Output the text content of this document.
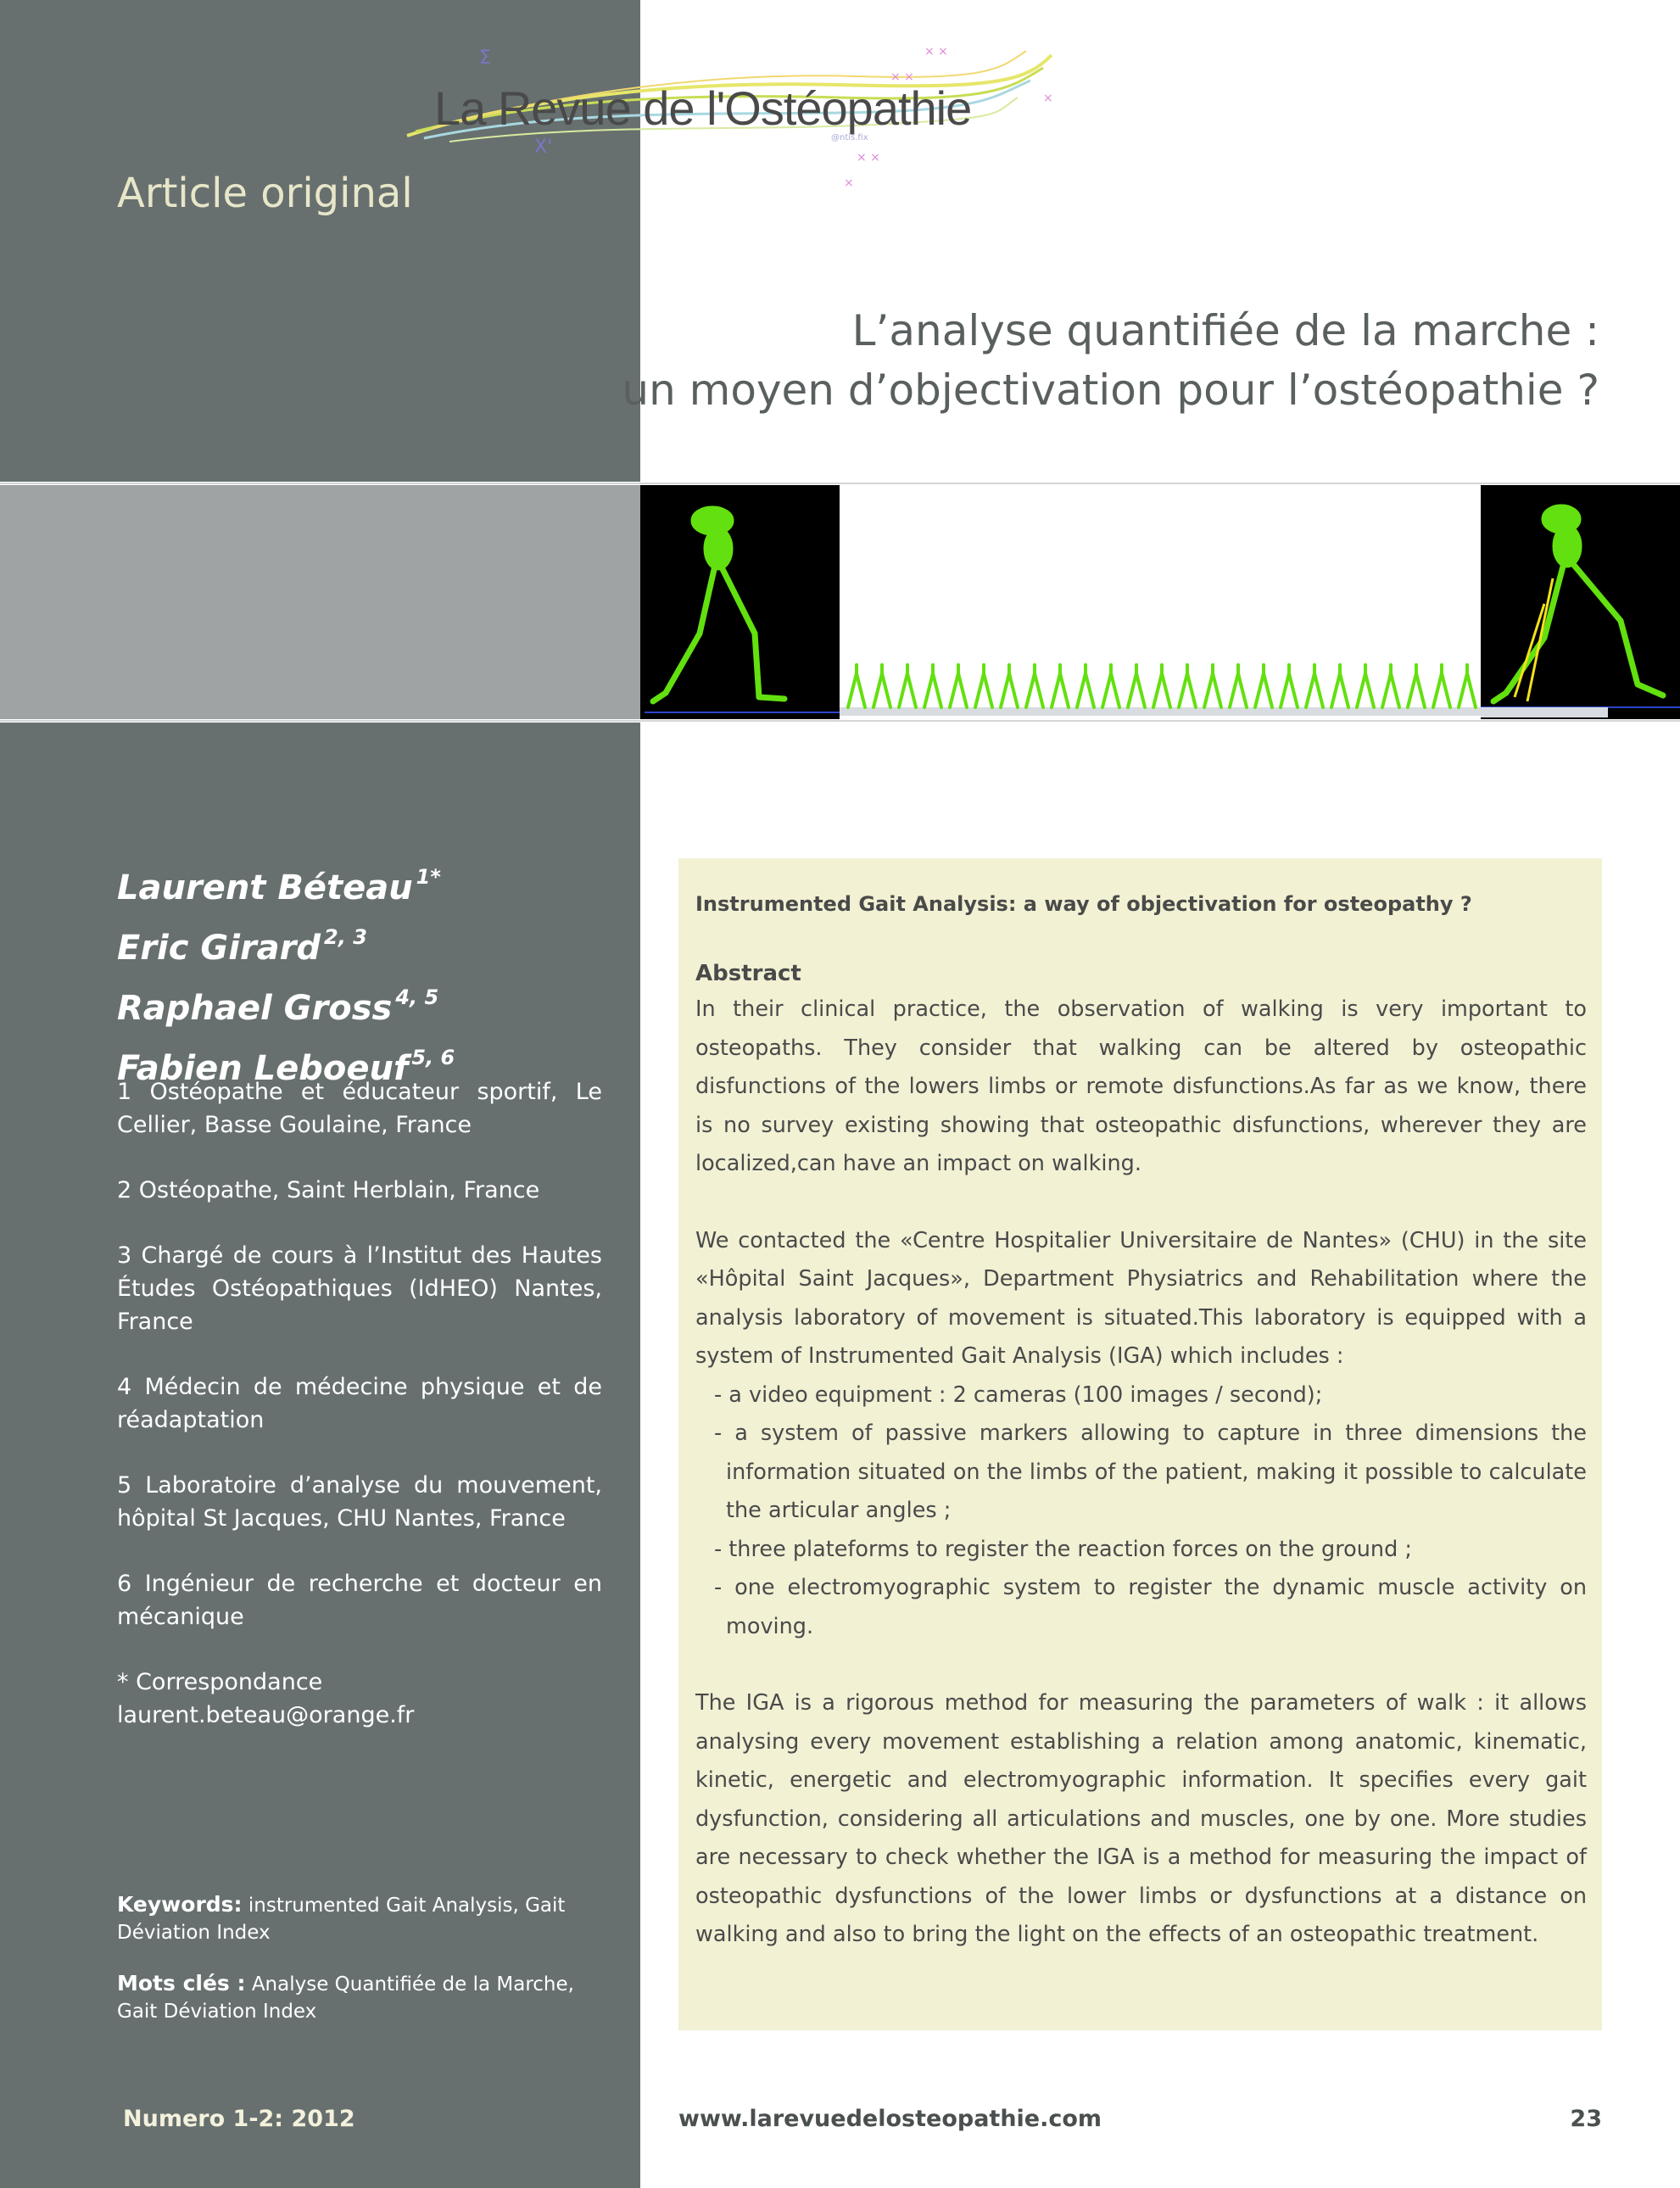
Σ
X'	@ntis.fix
× ×
× ×
× ×
×
×
La Revue de l'Ostéopathie
Article original
L’analyse quantifiée de la marche :
un moyen d’objectivation pour l’ostéopathie ?
Laurent Béteau $^{1*}$
Eric Girard $^{2, 3}$
Raphael Gross $^{4, 5}$
Fabien Leboeuf $^{5, 6}$
1 Ostéopathe et éducateur sportif, Le Cellier, Basse Goulaine, France
2 Ostéopathe, Saint Herblain, France
3 Chargé de cours à l’Institut des Hautes Études Ostéopathiques (IdHEO) Nantes, France
4 Médecin de médecine physique et de réadaptation
5 Laboratoire d’analyse du mouvement, hôpital St Jacques, CHU Nantes, France
6 Ingénieur de recherche et docteur en mécanique
* Correspondance
laurent.beteau@orange.fr
Keywords: instrumented Gait Analysis, Gait Déviation Index
Mots clés : Analyse Quantifiée de la Marche, Gait Déviation Index
Instrumented Gait Analysis: a way of objectivation for osteopathy ?
Abstract

In their clinical practice, the observation of walking is very important to osteopaths. They consider that walking can be altered by osteopathic disfunctions of the lowers limbs or remote disfunctions.As far as we know, there is no survey existing showing that osteopathic disfunctions, wherever they are localized,can have an impact on walking.

We contacted the «Centre Hospitalier Universitaire de Nantes» (CHU) in the site «Hôpital Saint Jacques», Department Physiatrics and Rehabilitation where the analysis laboratory of movement is situated.This laboratory is equipped with a system of Instrumented Gait Analysis (IGA) which includes :

- a video equipment : 2 cameras (100 images / second);
- a system of passive markers allowing to capture in three dimensions the information situated on the limbs of the patient, making it possible to calculate the articular angles ;
- three plateforms to register the reaction forces on the ground ;
- one electromyographic system to register the dynamic muscle activity on moving.

The IGA is a rigorous method for measuring the parameters of walk : it allows analysing every movement establishing a relation among anatomic, kinematic, kinetic, energetic and electromyographic information. It specifies every gait dysfunction, considering all articulations and muscles, one by one. More studies are necessary to check whether the IGA is a method for measuring the impact of osteopathic dysfunctions of the lower limbs or dysfunctions at a distance on walking and also to bring the light on the effects of an osteopathic treatment.

Numero 1-2: 2012	www.larevuedelosteopathie.com	23
